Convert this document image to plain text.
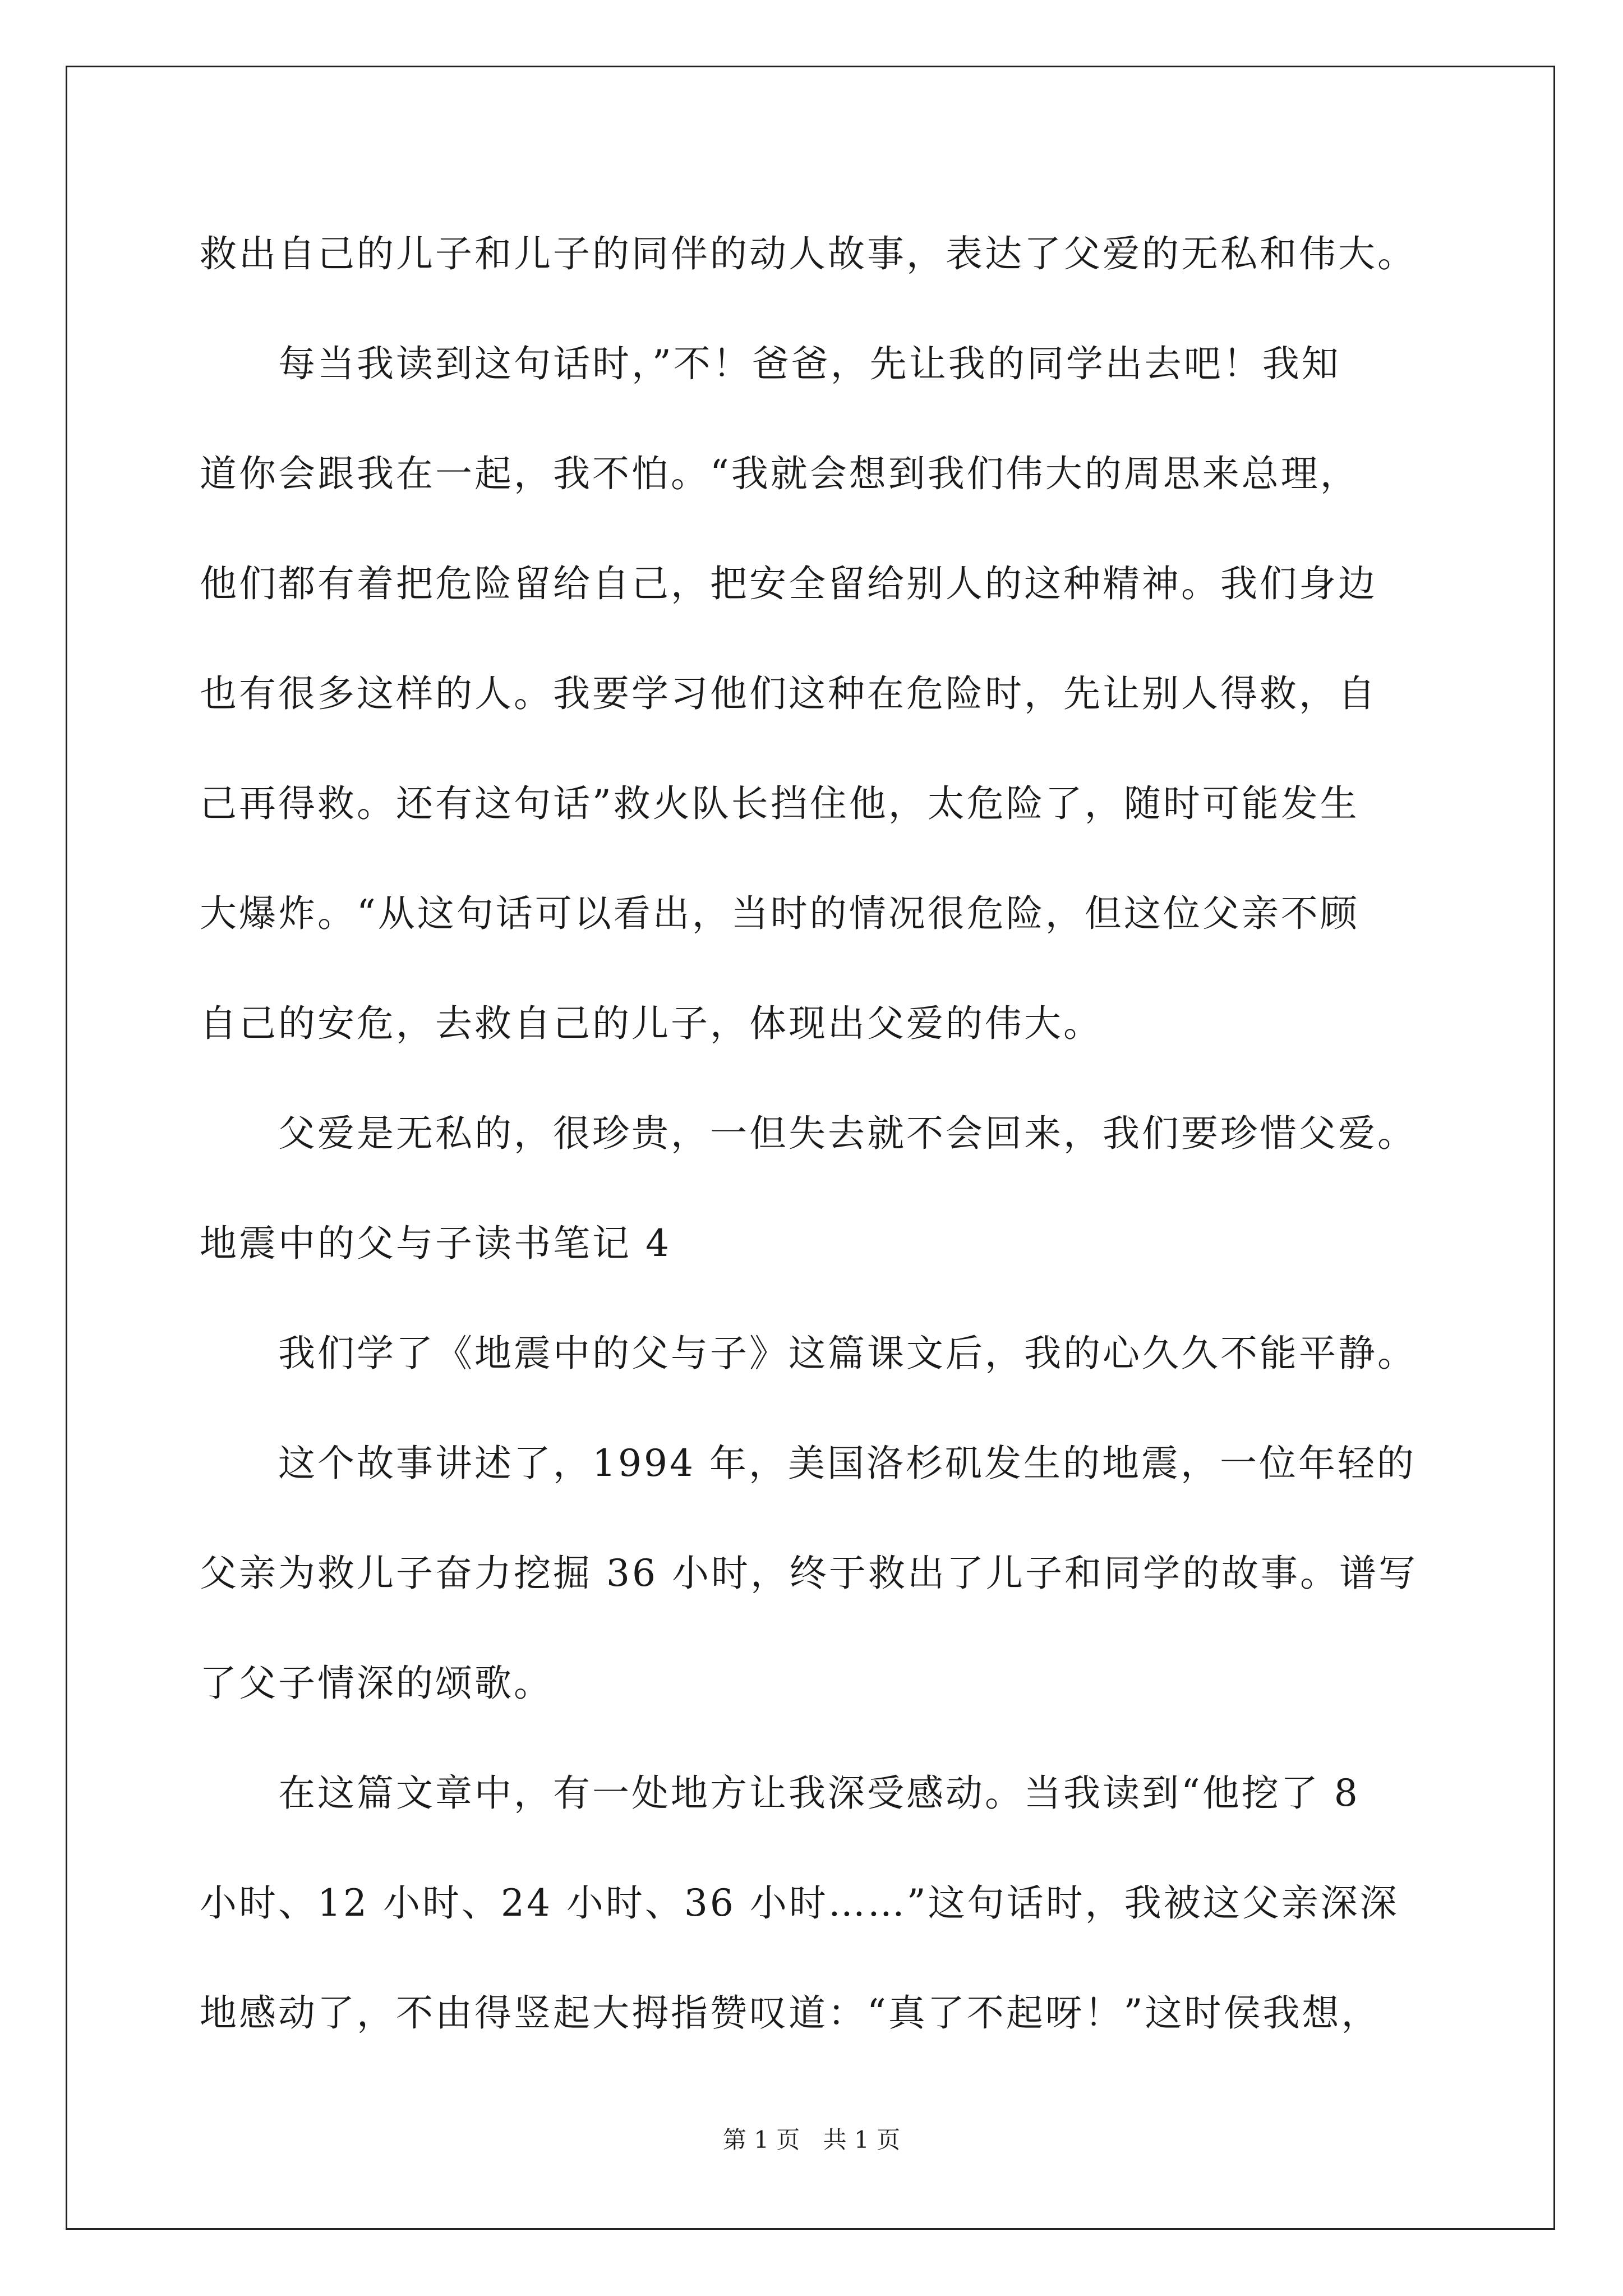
救出自己的儿子和儿子的同伴的动人故事，表达了父爱的无私和伟大。
　　每当我读到这句话时，”不！爸爸，先让我的同学出去吧！我知
道你会跟我在一起，我不怕。“我就会想到我们伟大的周思来总理，
他们都有着把危险留给自己，把安全留给别人的这种精神。我们身边
也有很多这样的人。我要学习他们这种在危险时，先让别人得救，自
己再得救。还有这句话”救火队长挡住他，太危险了，随时可能发生
大爆炸。“从这句话可以看出，当时的情况很危险，但这位父亲不顾
自己的安危，去救自己的儿子，体现出父爱的伟大。
　　父爱是无私的，很珍贵，一但失去就不会回来，我们要珍惜父爱。
地震中的父与子读书笔记 4
　　我们学了《地震中的父与子》这篇课文后，我的心久久不能平静。
　　这个故事讲述了，1994 年，美国洛杉矶发生的地震，一位年轻的
父亲为救儿子奋力挖掘 36 小时，终于救出了儿子和同学的故事。谱写
了父子情深的颂歌。
　　在这篇文章中，有一处地方让我深受感动。当我读到“他挖了 8
小时、12 小时、24 小时、36 小时……”这句话时，我被这父亲深深
地感动了，不由得竖起大拇指赞叹道：“真了不起呀！”这时侯我想，
第 1 页 共 1 页
